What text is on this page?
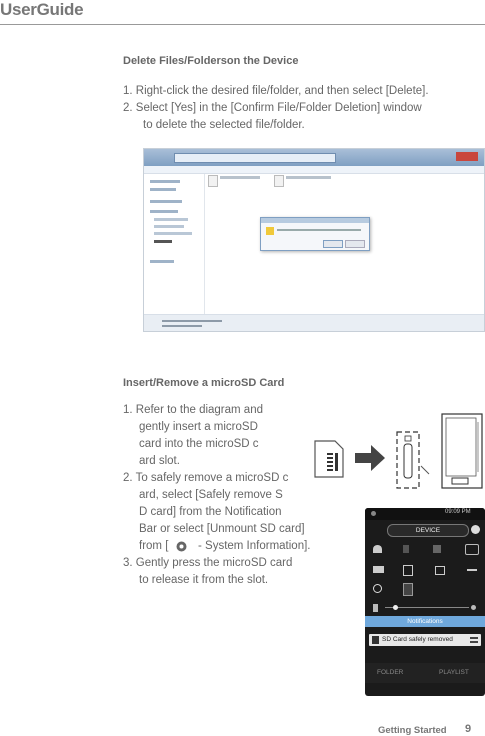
UserGuide
Delete Files/Folderson the Device
1. Right-click the desired file/folder, and then select [Delete].
2. Select [Yes] in the [Confirm File/Folder Deletion] window
to delete the selected file/folder.
Insert/Remove a microSD Card
1. Refer to the diagram and
gently insert a microSD
card into the microSD c
ard slot.
2. To safely remove a microSD c
ard, select [Safely remove S
D card] from the Notification
Bar or select [Unmount SD card]
from [	- System Information].
3. Gently press the microSD card
to release it from the slot.
09:09 PM
DEVICE
Notifications
SD Card safely removed
FOLDER	PLAYLIST
Getting Started 9
